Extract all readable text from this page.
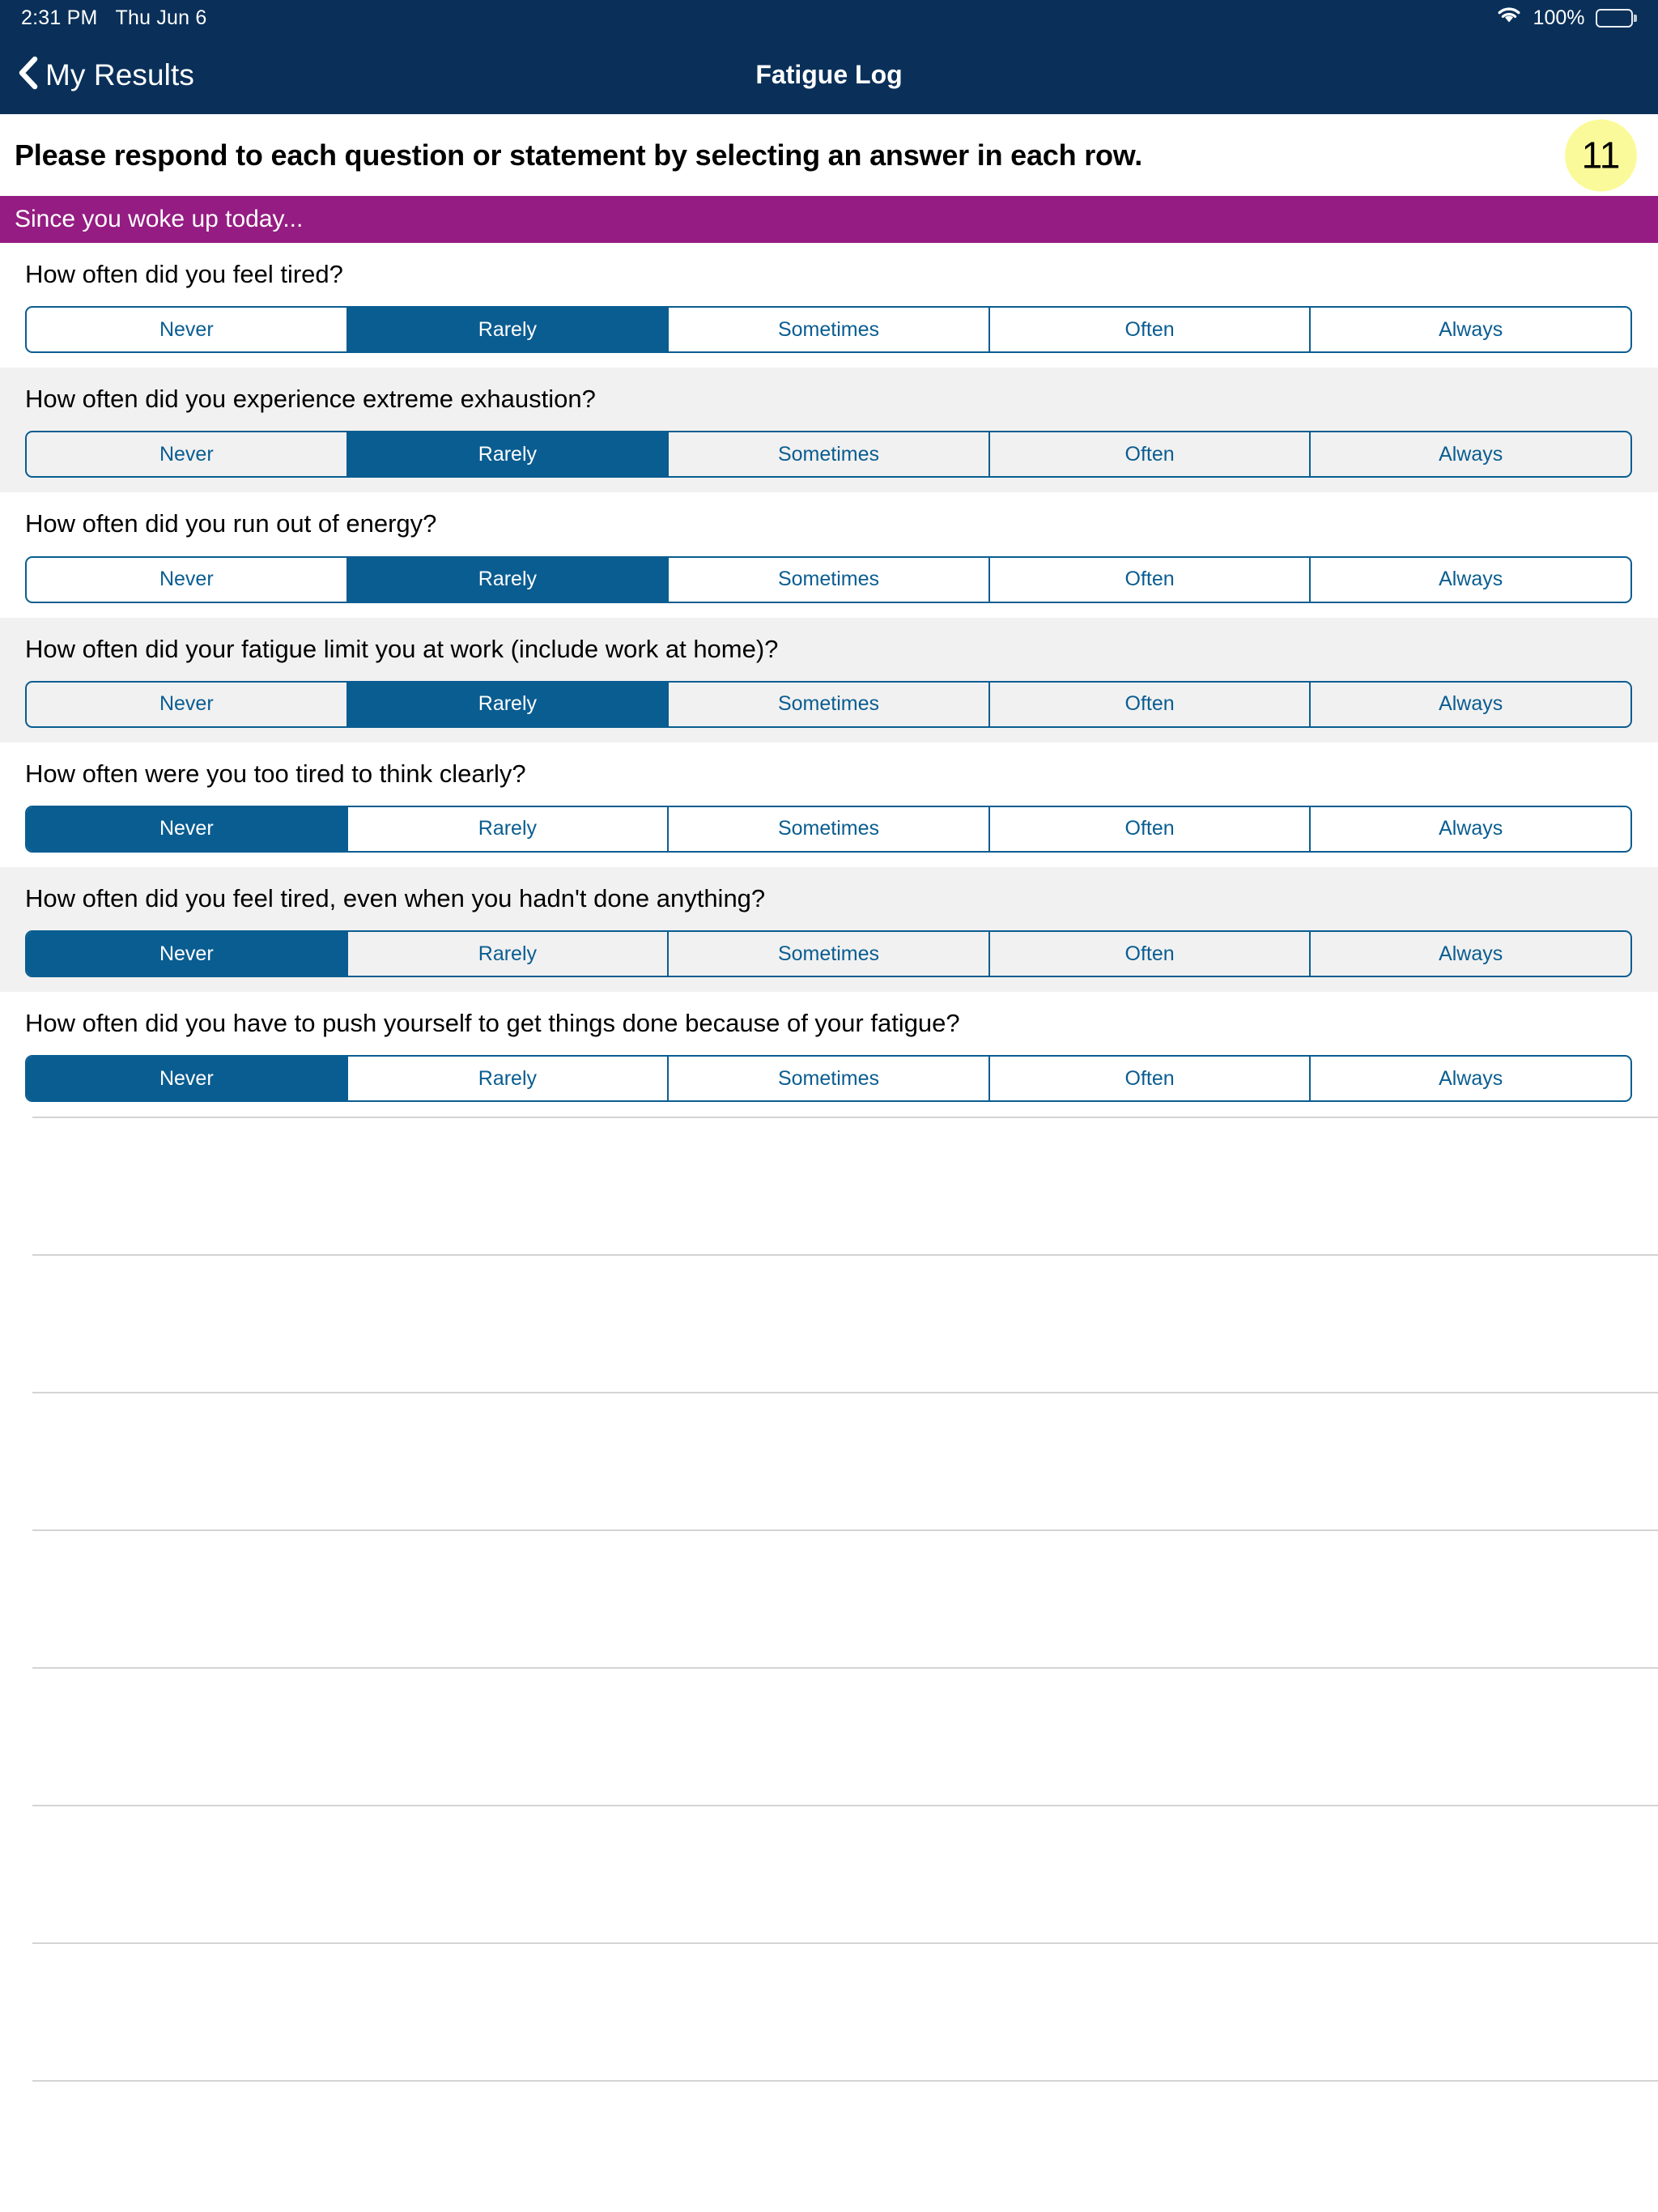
2:31 PM Thu Jun 6	100%
My Results	Fatigue Log
Please respond to each question or statement by selecting an answer in each row.	11
Since you woke up today...
How often did you feel tired?
Never	Rarely	Sometimes	Often	Always
How often did you experience extreme exhaustion?
Never	Rarely	Sometimes	Often	Always
How often did you run out of energy?
Never	Rarely	Sometimes	Often	Always
How often did your fatigue limit you at work (include work at home)?
Never	Rarely	Sometimes	Often	Always
How often were you too tired to think clearly?
Never	Rarely	Sometimes	Often	Always
How often did you feel tired, even when you hadn't done anything?
Never	Rarely	Sometimes	Often	Always
How often did you have to push yourself to get things done because of your fatigue?
Never	Rarely	Sometimes	Often	Always
